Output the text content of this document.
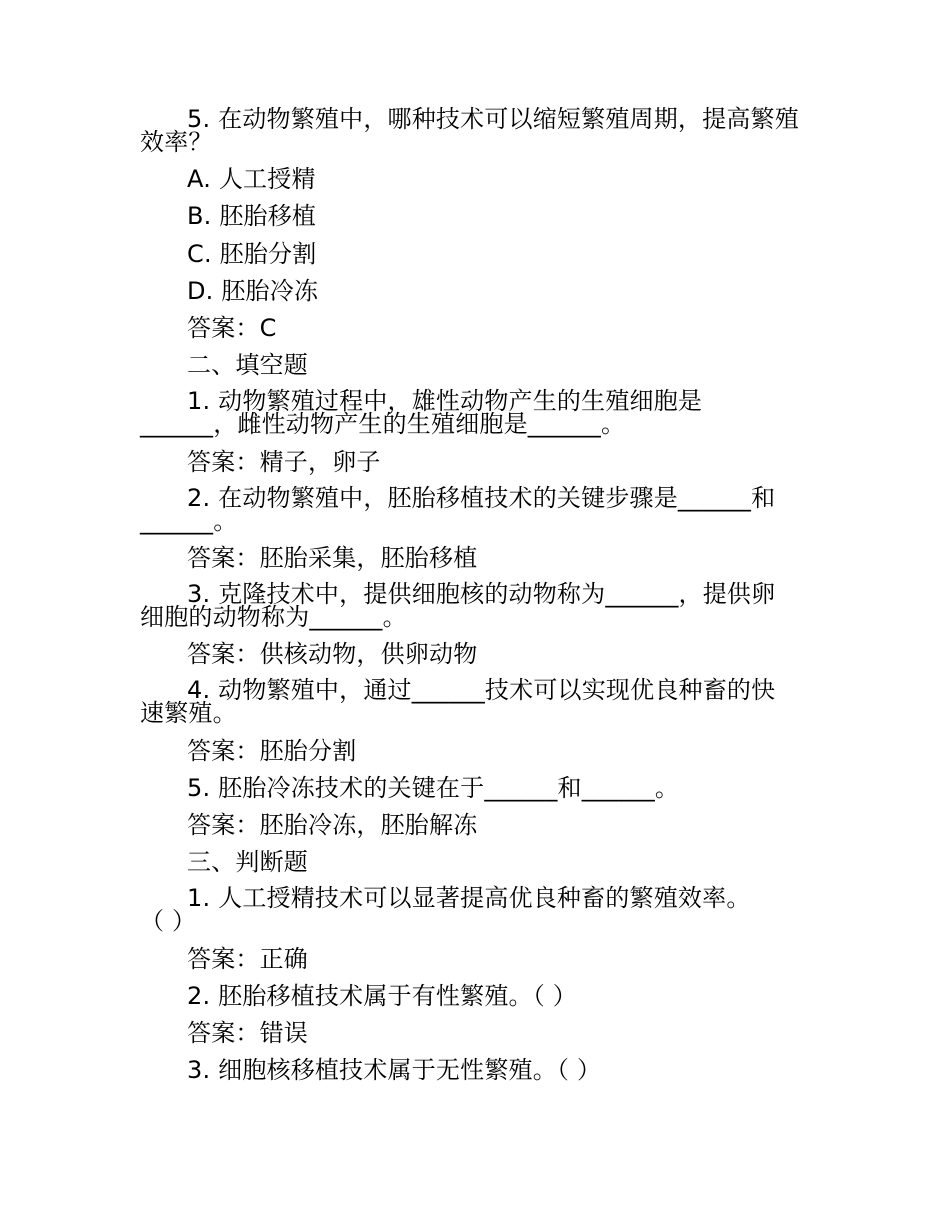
5. 在动物繁殖中，哪种技术可以缩短繁殖周期，提高繁殖
效率？
A. 人工授精
B. 胚胎移植
C. 胚胎分割
D. 胚胎冷冻
答案：C
二、填空题
1. 动物繁殖过程中，雄性动物产生的生殖细胞是
______，雌性动物产生的生殖细胞是______。
答案：精子，卵子
2. 在动物繁殖中，胚胎移植技术的关键步骤是______和
______。
答案：胚胎采集，胚胎移植
3. 克隆技术中，提供细胞核的动物称为______，提供卵
细胞的动物称为______。
答案：供核动物，供卵动物
4. 动物繁殖中，通过______技术可以实现优良种畜的快
速繁殖。
答案：胚胎分割
5. 胚胎冷冻技术的关键在于______和______。
答案：胚胎冷冻，胚胎解冻
三、判断题
1. 人工授精技术可以显著提高优良种畜的繁殖效率。
（ ）
答案：正确
2. 胚胎移植技术属于有性繁殖。（ ）
答案：错误
3. 细胞核移植技术属于无性繁殖。（ ）
